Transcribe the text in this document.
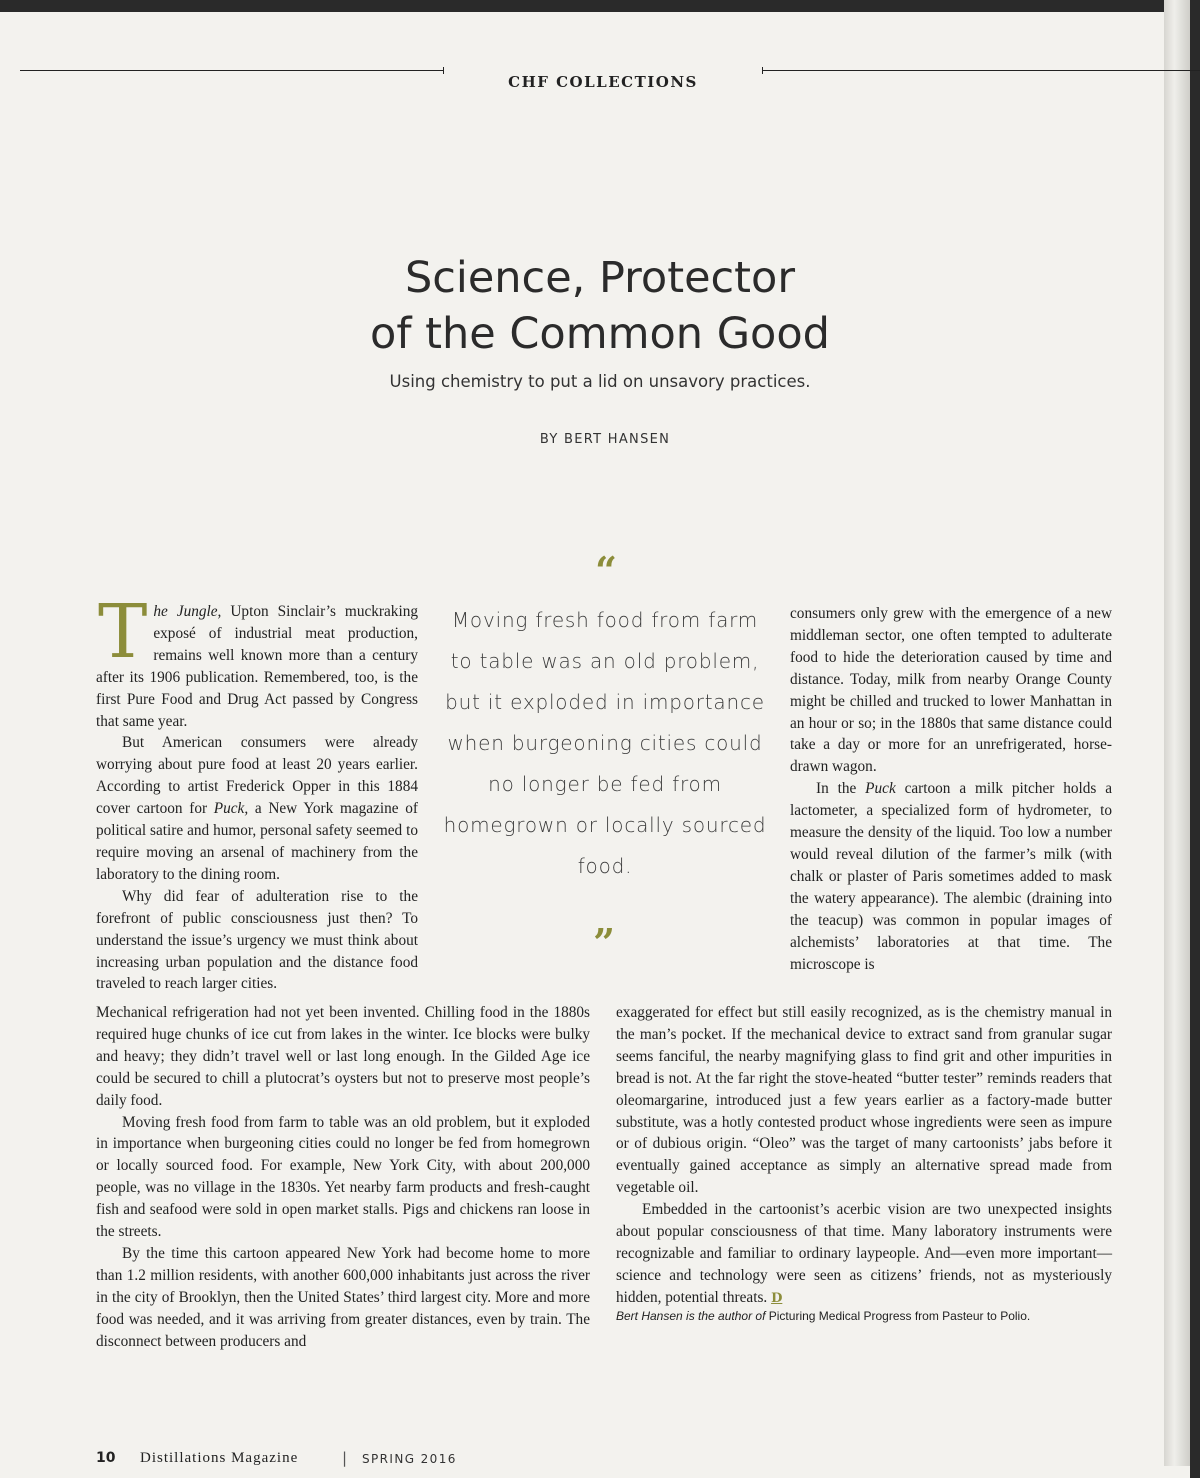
CHF COLLECTIONS
Science, Protector
of the Common Good
Using chemistry to put a lid on unsavory practices.
BY BERT HANSEN
“
Moving fresh food from farm to table was an old problem, but it exploded in importance when burgeoning cities could no longer be fed from homegrown or locally sourced food.
”

The Jungle, Upton Sinclair’s muckraking exposé of industrial meat production, remains well known more than a century after its 1906 publication. Remembered, too, is the first Pure Food and Drug Act passed by Congress that same year.

But American consumers were already worrying about pure food at least 20 years earlier. According to artist Frederick Opper in this 1884 cover cartoon for Puck, a New York magazine of political satire and humor, personal safety seemed to require moving an arsenal of machinery from the laboratory to the dining room.

Why did fear of adulteration rise to the forefront of public consciousness just then? To understand the issue’s urgency we must think about increasing urban population and the distance food traveled to reach larger cities.

consumers only grew with the emergence of a new middleman sector, one often tempted to adulterate food to hide the deterioration caused by time and distance. Today, milk from nearby Orange County might be chilled and trucked to lower Manhattan in an hour or so; in the 1880s that same distance could take a day or more for an unrefrigerated, horse-drawn wagon.

In the Puck cartoon a milk pitcher holds a lactometer, a specialized form of hydrometer, to measure the density of the liquid. Too low a number would reveal dilution of the farmer’s milk (with chalk or plaster of Paris sometimes added to mask the watery appearance). The alembic (draining into the teacup) was common in popular images of alchemists’ laboratories at that time. The microscope is

Mechanical refrigeration had not yet been invented. Chilling food in the 1880s required huge chunks of ice cut from lakes in the winter. Ice blocks were bulky and heavy; they didn’t travel well or last long enough. In the Gilded Age ice could be secured to chill a plutocrat’s oysters but not to preserve most people’s daily food.

Moving fresh food from farm to table was an old problem, but it exploded in importance when burgeoning cities could no longer be fed from homegrown or locally sourced food. For example, New York City, with about 200,000 people, was no village in the 1830s. Yet nearby farm products and fresh-caught fish and seafood were sold in open market stalls. Pigs and chickens ran loose in the streets.

By the time this cartoon appeared New York had become home to more than 1.2 million residents, with another 600,000 inhabitants just across the river in the city of Brooklyn, then the United States’ third largest city. More and more food was needed, and it was arriving from greater distances, even by train. The disconnect between producers and

exaggerated for effect but still easily recognized, as is the chemistry manual in the man’s pocket. If the mechanical device to extract sand from granular sugar seems fanciful, the nearby magnifying glass to find grit and other impurities in bread is not. At the far right the stove-heated “butter tester” reminds readers that oleomargarine, introduced just a few years earlier as a factory-made butter substitute, was a hotly contested product whose ingredients were seen as impure or of dubious origin. “Oleo” was the target of many cartoonists’ jabs before it eventually gained acceptance as simply an alternative spread made from vegetable oil.

Embedded in the cartoonist’s acerbic vision are two unexpected insights about popular consciousness of that time. Many laboratory instruments were recognizable and familiar to ordinary laypeople. And—even more important—science and technology were seen as citizens’ friends, not as mysteriously hidden, potential threats. D

Bert Hansen is the author of Picturing Medical Progress from Pasteur to Polio.
10 Distillations Magazine	| SPRING 2016
